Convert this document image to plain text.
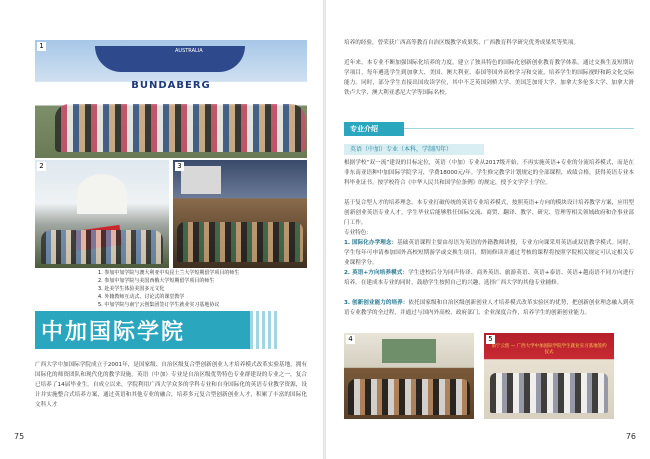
AUSTRALIA
BUNDABERG
1
2	3
1. 参加中加学院与澳大利亚中央昆士兰大学短期留学项目的师生
2. 参加中加学院与美国西俄大学短期留学项目的师生
3. 赴美学生体验美国多元文化
4. 外籍教师互动式、讨论式的课堂教学
5. 中加学院与南宁云创集团签订学生就业实习基地协议
中加国际学院
广西大学中加国际学院成立于2001年，是国家级、自治区级复合型创新创业人才培养模式改革实验基地，拥有国际化的师资团队和现代化的教学设施。英语（中加）专业是自治区级优势特色专业群建设的专业之一，复合已培养了14届毕业生。自成立以来，学院利用广西大学众多的学科专业和自身国际化的英语专业教学资源，设计并实施整合式培养方案，通过英语和其他专业的融合，培养多元复合型创新创业人才，积累了丰富的国际化文科人才
75
培养的经验，曾荣获广西高等教育自治区级教学成果奖、广西教育科学研究优秀成果奖等奖项。
近年来，本专业不断加强国际化培养的力度，建立了独具特色的国际化创新创业教育教学体系。通过交换生及短期访学项目，每年遴选学生到加拿大、美国、澳大利亚、泰国等国外高校学习和交流，培养学生的国际视野和跨文化交际能力。同时，部分学生直接出国攻读学位，其中不乏英国剑桥大学、美国芝加哥大学、加拿大多伦多大学、加拿大滑铁卢大学、澳大利亚悉尼大学等国际名校。
专业介绍
英语（中加）专业（本科，学制四年）
根据学校“双一流”建设的目标定位，英语（中加）专业从2017级开始，不再实施英语+专业的分流培养模式，而是在非东南亚语种中加国际学院学习，学费18000元/年。学生修完教学计划规定的全部课程，成绩合格，获得英语专业本科毕业证书。按学校符合《中华人民共和国学位条例》的规定，授予文学学士学位。
基于复合型人才的培养理念，本专业打破传统的英语专业培养模式，按照英语+方向的模块设计培养教学方案，应用型创新创业英语专业人才。学生毕业后能够胜任国际交流、商贸、翻译、教学、研究、管理等相关领域政府和企事业部门工作。
专业特色：
1. 国际化办学理念：基础英语课程主要由母语为英语的外籍教师讲授，专业方向课采用英语或双语教学模式。同时，学生每年可申请参加国外高校短期游学或交换生项目，期间修读并通过考核的课程将按照学院相关规定可认定相关专业课程学分。
2. 英语+方向培养模式：学生进校后分为同声传译、商务英语、旅游英语、英语+泰语、英语+越南语不同方向进行培养。在建成本专业的同时，鼓励学生按照自己的兴趣，选择广西大学的其他专业辅修。
3. 创新创业能力的培养：依托国家级和自治区级创新创业人才培养模式改革实验区的优势，把创新创业理念融入到英语专业教学的全过程，并通过与国内外高校、政府部门、企业深度合作，培养学生的创新创业能力。
4
南宁云创 — 广西大学中加国际学院学生就业实习基地签约仪式
5
76
